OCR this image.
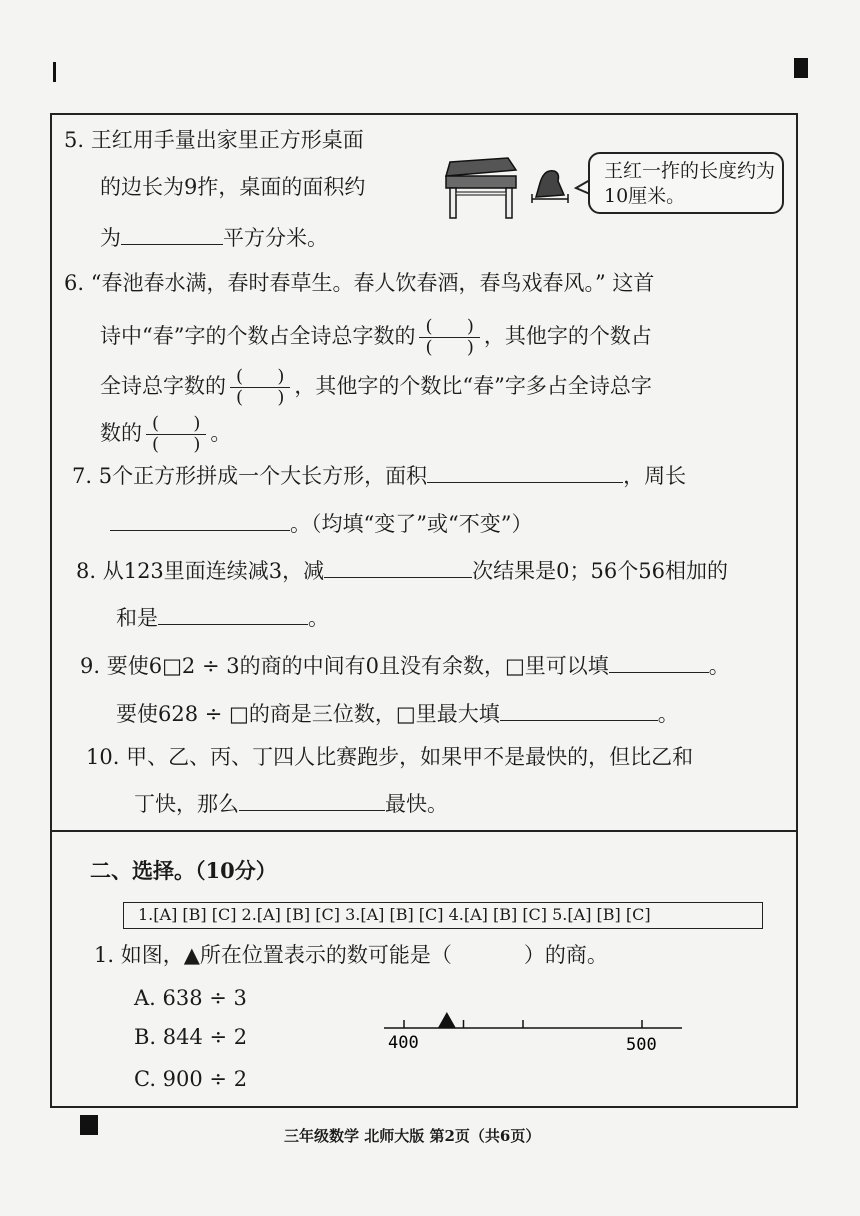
5. 王红用手量出家里正方形桌面
的边长为9拃，桌面的面积约
为	平方分米。
王红一拃的长度约为10厘米。
6. “春池春水满，春时春草生。春人饮春酒，春鸟戏春风。” 这首
诗中“春”字的个数占全诗总字数的 $\frac{( )}{( )}$ ，其他字的个数占
全诗总字数的 $\frac{( )}{( )}$ ，其他字的个数比“春”字多占全诗总字
数的 $\frac{( )}{( )}$ 。
7. 5个正方形拼成一个大长方形，面积	，周长
。（均填“变了”或“不变”）
8. 从123里面连续减3，减	次结果是0；56个56相加的
和是	。
9. 要使6□2 ÷ 3的商的中间有0且没有余数，□里可以填	。
要使628 ÷ □的商是三位数，□里最大填	。
10. 甲、乙、丙、丁四人比赛跑步，如果甲不是最快的，但比乙和
丁快，那么	最快。
二、选择。（10分）
1.[A] [B] [C] 2.[A] [B] [C] 3.[A] [B] [C] 4.[A] [B] [C] 5.[A] [B] [C]
1. 如图，▲所在位置表示的数可能是（	）的商。
A. 638 ÷ 3
B. 844 ÷ 2
C. 900 ÷ 2
400	500
三年级数学 北师大版 第2页（共6页）
